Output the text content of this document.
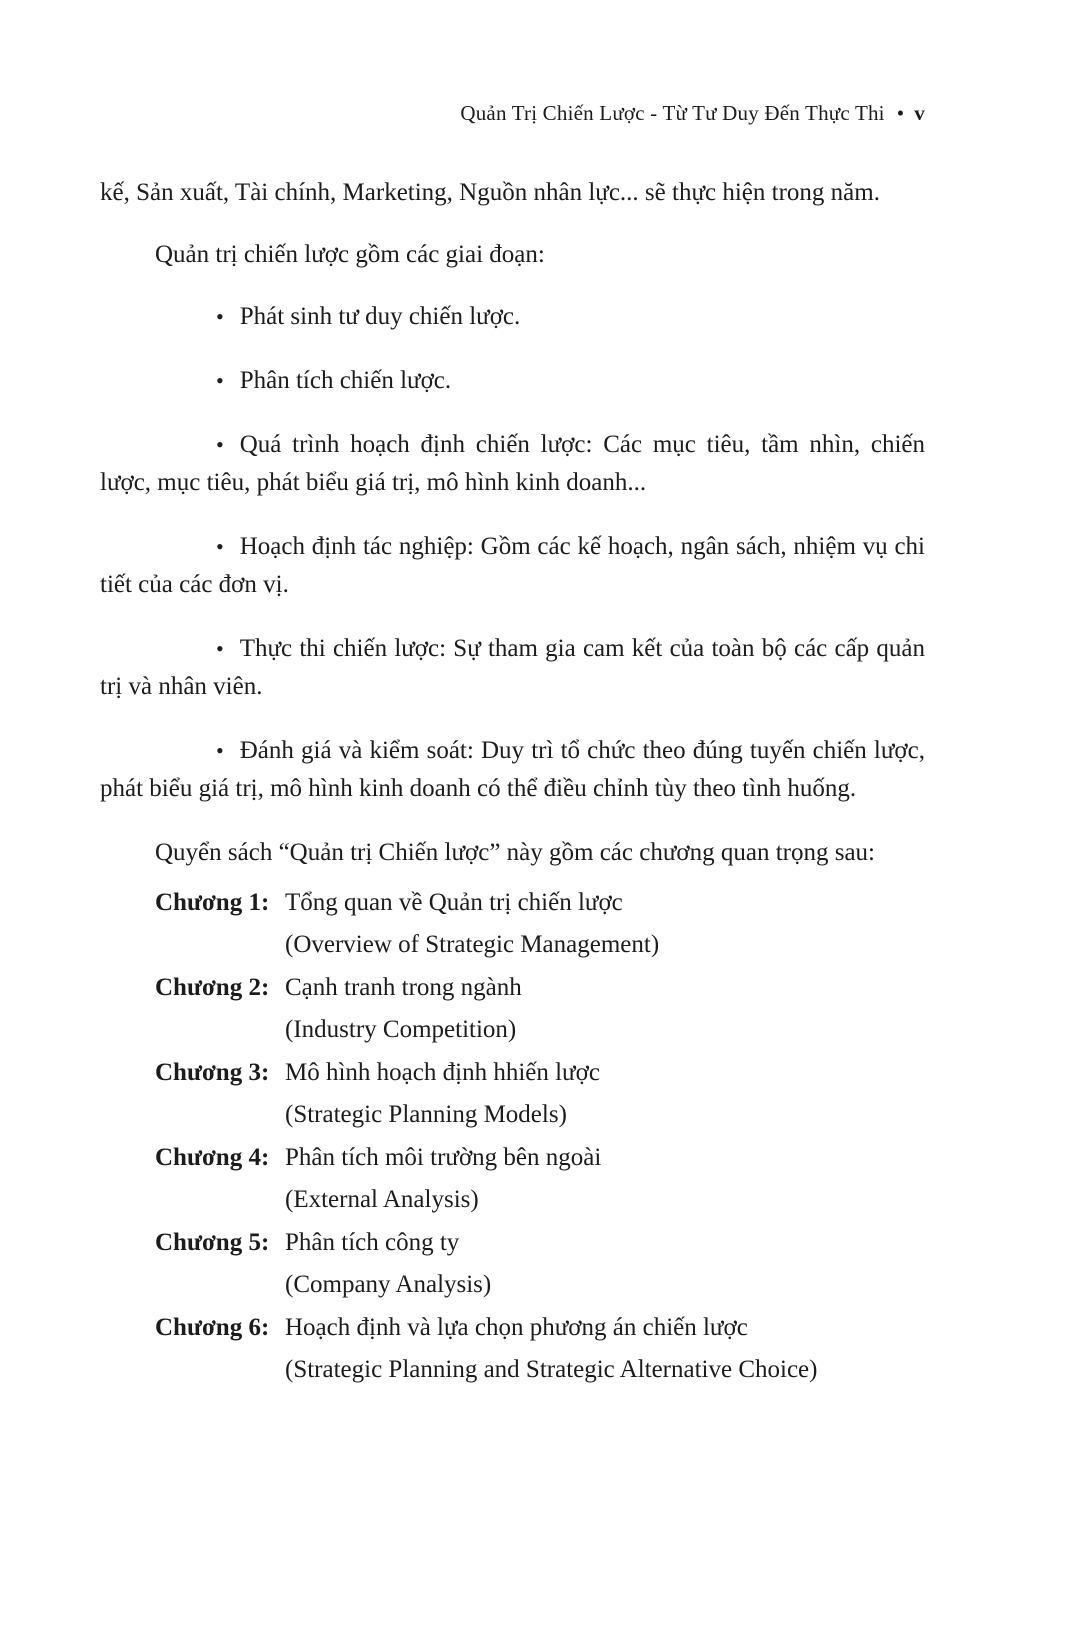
Quản Trị Chiến Lược - Từ Tư Duy Đến Thực Thi • v

kế, Sản xuất, Tài chính, Marketing, Nguồn nhân lực... sẽ thực hiện trong năm.

Quản trị chiến lược gồm các giai đoạn:

• Phát sinh tư duy chiến lược.

• Phân tích chiến lược.

• Quá trình hoạch định chiến lược: Các mục tiêu, tầm nhìn, chiến lược, mục tiêu, phát biểu giá trị, mô hình kinh doanh...

• Hoạch định tác nghiệp: Gồm các kế hoạch, ngân sách, nhiệm vụ chi tiết của các đơn vị.

• Thực thi chiến lược: Sự tham gia cam kết của toàn bộ các cấp quản trị và nhân viên.

• Đánh giá và kiểm soát: Duy trì tổ chức theo đúng tuyến chiến lược, phát biểu giá trị, mô hình kinh doanh có thể điều chỉnh tùy theo tình huống.

Quyển sách “Quản trị Chiến lược” này gồm các chương quan trọng sau:

Chương 1: Tổng quan về Quản trị chiến lược
(Overview of Strategic Management)
Chương 2: Cạnh tranh trong ngành
(Industry Competition)
Chương 3: Mô hình hoạch định hhiến lược
(Strategic Planning Models)
Chương 4: Phân tích môi trường bên ngoài
(External Analysis)
Chương 5: Phân tích công ty
(Company Analysis)
Chương 6: Hoạch định và lựa chọn phương án chiến lược
(Strategic Planning and Strategic Alternative Choice)
